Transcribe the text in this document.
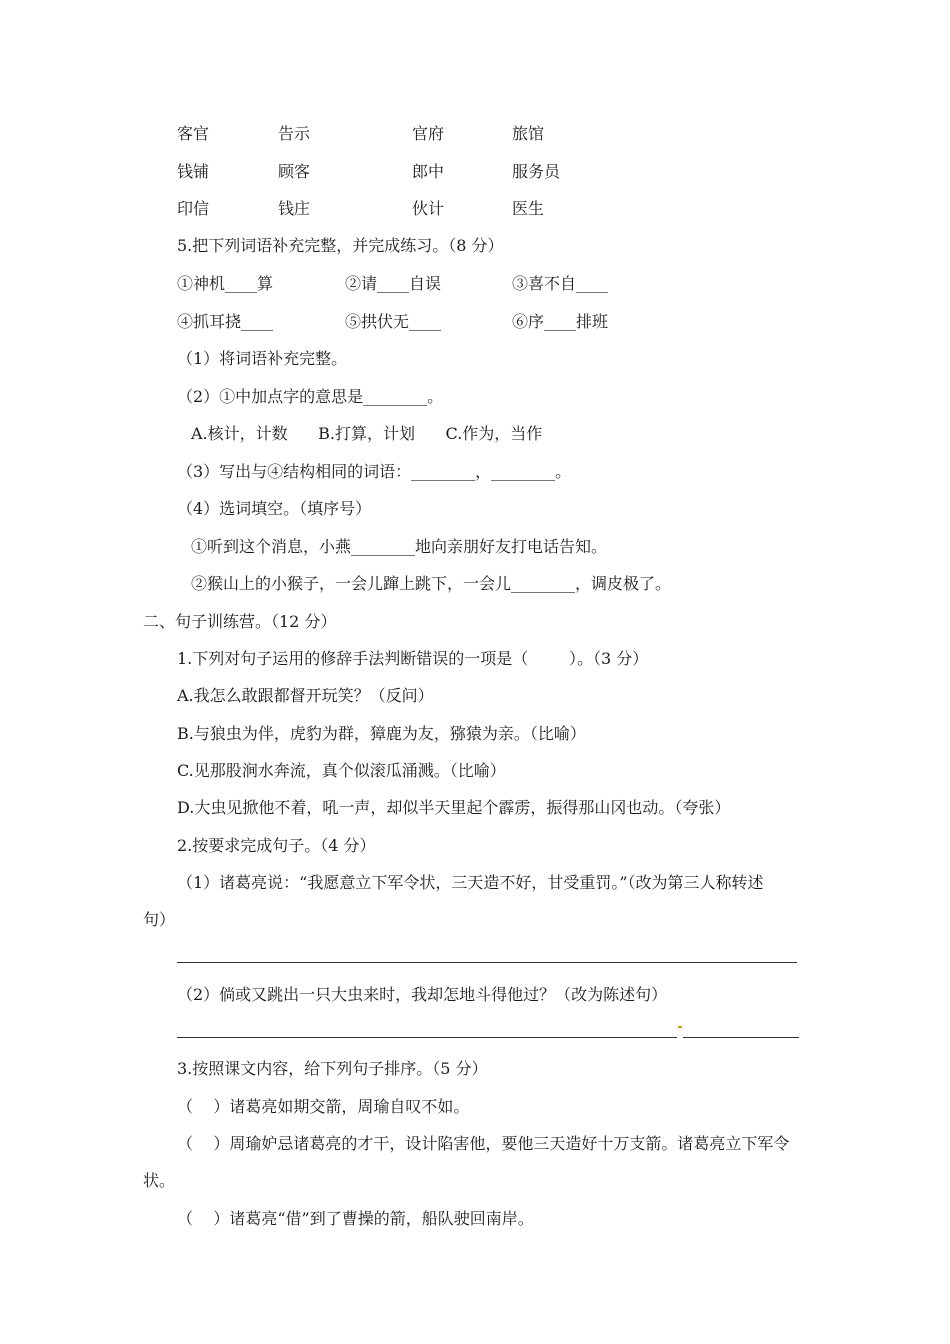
客官	告示	官府	旅馆
钱铺	顾客	郎中	服务员
印信	钱庄	伙计	医生
5.把下列词语补充完整，并完成练习。（8 分）
①神机____算	②请____自误	③喜不自____
④抓耳挠____	⑤拱伏无____	⑥序____排班
（1）将词语补充完整。
（2）①中加点字的意思是________。
A.核计，计数      B.打算，计划      C.作为，当作
（3）写出与④结构相同的词语：________，________。
（4）选词填空。（填序号）
①听到这个消息，小燕________地向亲朋好友打电话告知。
②猴山上的小猴子，一会儿蹿上跳下，一会儿________，调皮极了。
二、句子训练营。（12 分）
1.下列对句子运用的修辞手法判断错误的一项是（        ）。（3 分）
A.我怎么敢跟都督开玩笑？（反问）
B.与狼虫为伴，虎豹为群，獐鹿为友，猕猿为亲。（比喻）
C.见那股涧水奔流，真个似滚瓜涌溅。（比喻）
D.大虫见掀他不着，吼一声，却似半天里起个霹雳，振得那山冈也动。（夸张）
2.按要求完成句子。（4 分）
（1）诸葛亮说：“我愿意立下军令状，三天造不好，甘受重罚。”（改为第三人称转述
句）
（2）倘或又跳出一只大虫来时，我却怎地斗得他过？（改为陈述句）
3.按照课文内容，给下列句子排序。（5 分）
（    ）诸葛亮如期交箭，周瑜自叹不如。
（    ）周瑜妒忌诸葛亮的才干，设计陷害他，要他三天造好十万支箭。诸葛亮立下军令
状。
（    ）诸葛亮“借”到了曹操的箭，船队驶回南岸。
